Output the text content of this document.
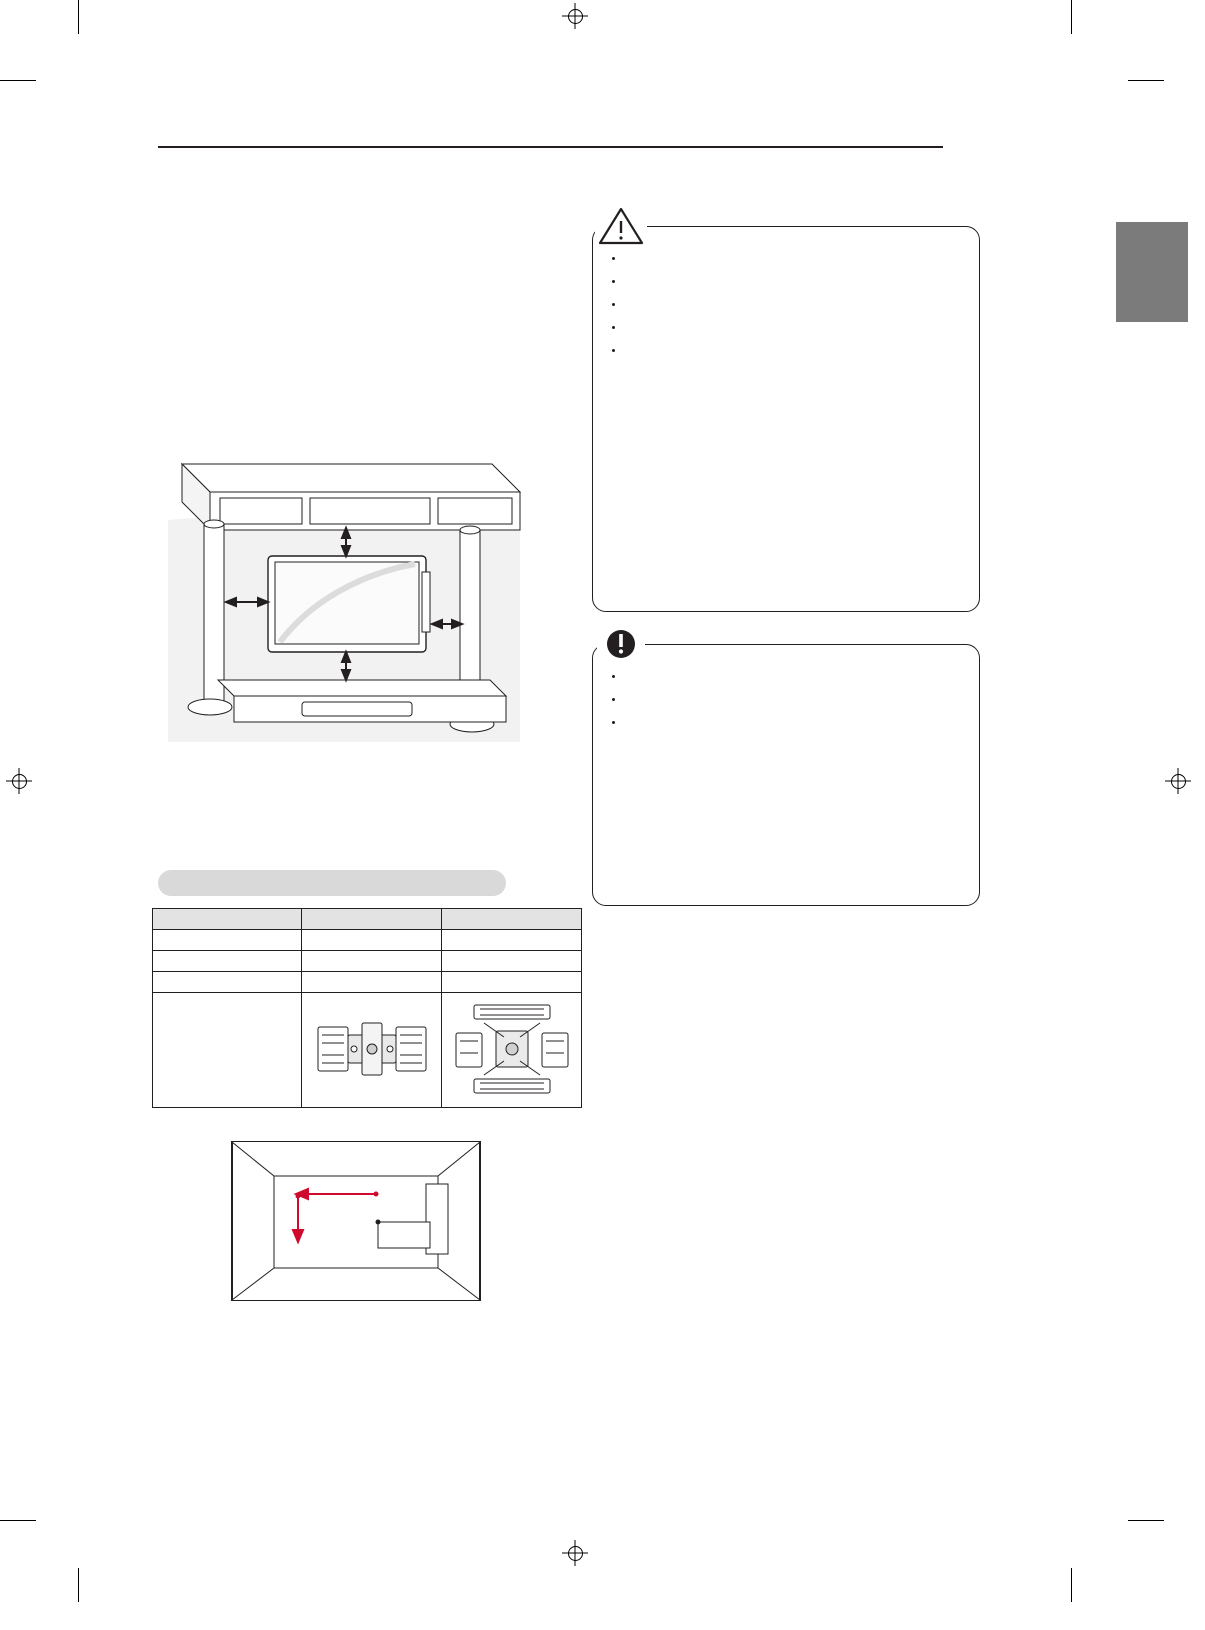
•
•
•
•
•
•
•
•
